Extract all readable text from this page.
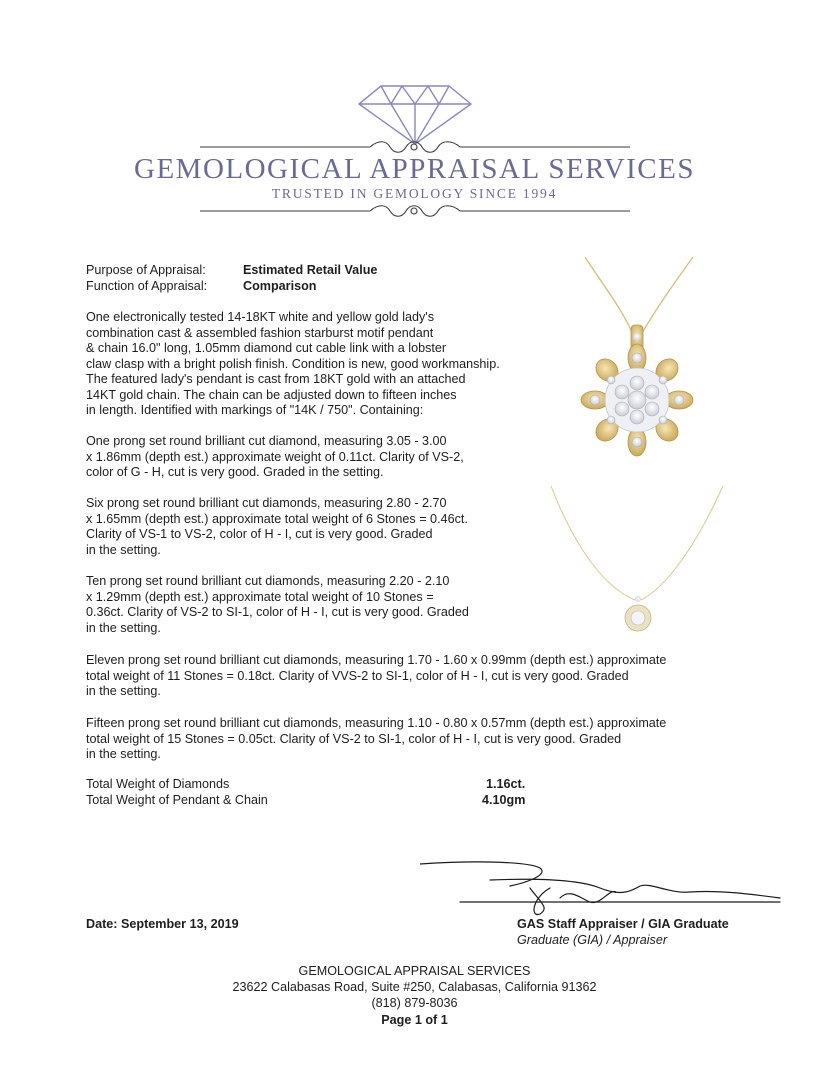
GEMOLOGICAL APPRAISAL SERVICES
TRUSTED IN GEMOLOGY SINCE 1994
Purpose of Appraisal:	Estimated Retail Value
Function of Appraisal:	Comparison
One electronically tested 14-18KT white and yellow gold lady's
combination cast & assembled fashion starburst motif pendant
& chain 16.0" long, 1.05mm diamond cut cable link with a lobster
claw clasp with a bright polish finish. Condition is new, good workmanship.
The featured lady's pendant is cast from 18KT gold with an attached
14KT gold chain. The chain can be adjusted down to fifteen inches
in length. Identified with markings of "14K / 750". Containing:
One prong set round brilliant cut diamond, measuring 3.05 - 3.00
x 1.86mm (depth est.) approximate weight of 0.11ct. Clarity of VS-2,
color of G - H, cut is very good. Graded in the setting.
Six prong set round brilliant cut diamonds, measuring 2.80 - 2.70
x 1.65mm (depth est.) approximate total weight of 6 Stones = 0.46ct.
Clarity of VS-1 to VS-2, color of H - I, cut is very good. Graded
in the setting.
Ten prong set round brilliant cut diamonds, measuring 2.20 - 2.10
x 1.29mm (depth est.) approximate total weight of 10 Stones =
0.36ct. Clarity of VS-2 to SI-1, color of H - I, cut is very good. Graded
in the setting.
Eleven prong set round brilliant cut diamonds, measuring 1.70 - 1.60 x 0.99mm (depth est.) approximate
total weight of 11 Stones = 0.18ct. Clarity of VVS-2 to SI-1, color of H - I, cut is very good. Graded
in the setting.
Fifteen prong set round brilliant cut diamonds, measuring 1.10 - 0.80 x 0.57mm (depth est.) approximate
total weight of 15 Stones = 0.05ct. Clarity of VS-2 to SI-1, color of H - I, cut is very good. Graded
in the setting.
Total Weight of Diamonds	1.16ct.
Total Weight of Pendant & Chain	4.10gm
Date: September 13, 2019	GAS Staff Appraiser / GIA Graduate
Graduate (GIA) / Appraiser
GEMOLOGICAL APPRAISAL SERVICES
23622 Calabasas Road, Suite #250, Calabasas, California 91362
(818) 879-8036
Page 1 of 1
